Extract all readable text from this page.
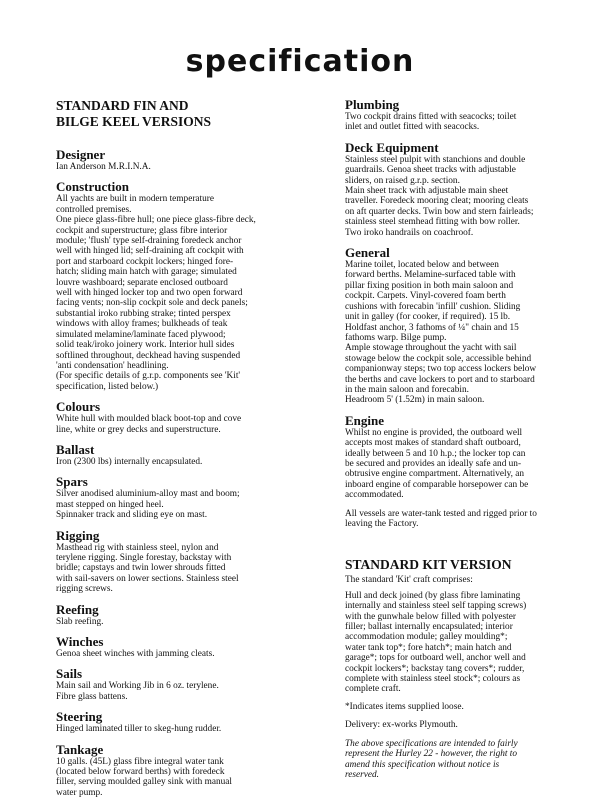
specification
STANDARD FIN AND
BILGE KEEL VERSIONS
Designer
Ian Anderson M.R.I.N.A.
Construction
All yachts are built in modern temperature
controlled premises.
One piece glass-fibre hull; one piece glass-fibre deck,
cockpit and superstructure; glass fibre interior
module; 'flush' type self-draining foredeck anchor
well with hinged lid; self-draining aft cockpit with
port and starboard cockpit lockers; hinged fore-
hatch; sliding main hatch with garage; simulated
louvre washboard; separate enclosed outboard
well with hinged locker top and two open forward
facing vents; non-slip cockpit sole and deck panels;
substantial iroko rubbing strake; tinted perspex
windows with alloy frames; bulkheads of teak
simulated melamine/laminate faced plywood;
solid teak/iroko joinery work. Interior hull sides
softlined throughout, deckhead having suspended
'anti condensation' headlining.
(For specific details of g.r.p. components see 'Kit'
specification, listed below.)
Colours
White hull with moulded black boot-top and cove
line, white or grey decks and superstructure.
Ballast
Iron (2300 lbs) internally encapsulated.
Spars
Silver anodised aluminium-alloy mast and boom;
mast stepped on hinged heel.
Spinnaker track and sliding eye on mast.
Rigging
Masthead rig with stainless steel, nylon and
terylene rigging. Single forestay, backstay with
bridle; capstays and twin lower shrouds fitted
with sail-savers on lower sections. Stainless steel
rigging screws.
Reefing
Slab reefing.
Winches
Genoa sheet winches with jamming cleats.
Sails
Main sail and Working Jib in 6 oz. terylene.
Fibre glass battens.
Steering
Hinged laminated tiller to skeg-hung rudder.
Tankage
10 galls. (45L) glass fibre integral water tank
(located below forward berths) with foredeck
filler, serving moulded galley sink with manual
water pump.
Plumbing
Two cockpit drains fitted with seacocks; toilet
inlet and outlet fitted with seacocks.
Deck Equipment
Stainless steel pulpit with stanchions and double
guardrails. Genoa sheet tracks with adjustable
sliders, on raised g.r.p. section.
Main sheet track with adjustable main sheet
traveller. Foredeck mooring cleat; mooring cleats
on aft quarter decks. Twin bow and stern fairleads;
stainless steel stemhead fitting with bow roller.
Two iroko handrails on coachroof.
General
Marine toilet, located below and between
forward berths. Melamine-surfaced table with
pillar fixing position in both main saloon and
cockpit. Carpets. Vinyl-covered foam berth
cushions with forecabin 'infill' cushion. Sliding
unit in galley (for cooker, if required). 15 lb.
Holdfast anchor, 3 fathoms of ¼" chain and 15
fathoms warp. Bilge pump.
Ample stowage throughout the yacht with sail
stowage below the cockpit sole, accessible behind
companionway steps; two top access lockers below
the berths and cave lockers to port and to starboard
in the main saloon and forecabin.
Headroom 5' (1.52m) in main saloon.
Engine
Whilst no engine is provided, the outboard well
accepts most makes of standard shaft outboard,
ideally between 5 and 10 h.p.; the locker top can
be secured and provides an ideally safe and un-
obtrusive engine compartment. Alternatively, an
inboard engine of comparable horsepower can be
accommodated.
All vessels are water-tank tested and rigged prior to
leaving the Factory.
STANDARD KIT VERSION
The standard 'Kit' craft comprises:
Hull and deck joined (by glass fibre laminating
internally and stainless steel self tapping screws)
with the gunwhale below filled with polyester
filler; ballast internally encapsulated; interior
accommodation module; galley moulding*;
water tank top*; fore hatch*; main hatch and
garage*; tops for outboard well, anchor well and
cockpit lockers*; backstay tang covers*; rudder,
complete with stainless steel stock*; colours as
complete craft.
*Indicates items supplied loose.
Delivery: ex-works Plymouth.
The above specifications are intended to fairly
represent the Hurley 22 - however, the right to
amend this specification without notice is
reserved.
